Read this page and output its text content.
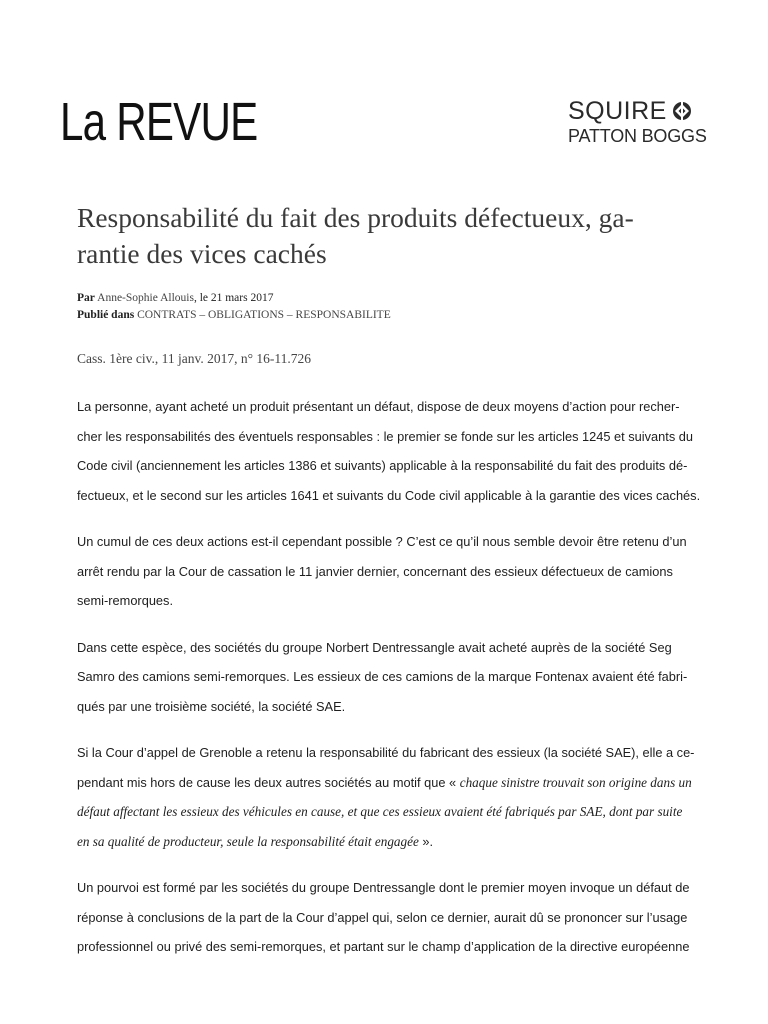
La REVUE	SQUIRE
PATTON BOGGS
Responsabilité du fait des produits défectueux, ga-
rantie des vices cachés
Par Anne-Sophie Allouis, le 21 mars 2017
Publié dans CONTRATS – OBLIGATIONS – RESPONSABILITE
Cass. 1ère civ., 11 janv. 2017, n° 16-11.726

La personne, ayant acheté un produit présentant un défaut, dispose de deux moyens d’action pour recher-
cher les responsabilités des éventuels responsables : le premier se fonde sur les articles 1245 et suivants du
Code civil (anciennement les articles 1386 et suivants) applicable à la responsabilité du fait des produits dé-
fectueux, et le second sur les articles 1641 et suivants du Code civil applicable à la garantie des vices cachés.

Un cumul de ces deux actions est-il cependant possible ? C’est ce qu’il nous semble devoir être retenu d’un
arrêt rendu par la Cour de cassation le 11 janvier dernier, concernant des essieux défectueux de camions
semi-remorques.

Dans cette espèce, des sociétés du groupe Norbert Dentressangle avait acheté auprès de la société Seg
Samro des camions semi-remorques. Les essieux de ces camions de la marque Fontenax avaient été fabri-
qués par une troisième société, la société SAE.

Si la Cour d’appel de Grenoble a retenu la responsabilité du fabricant des essieux (la société SAE), elle a ce-
pendant mis hors de cause les deux autres sociétés au motif que « chaque sinistre trouvait son origine dans un
défaut affectant les essieux des véhicules en cause, et que ces essieux avaient été fabriqués par SAE, dont par suite
en sa qualité de producteur, seule la responsabilité était engagée ».

Un pourvoi est formé par les sociétés du groupe Dentressangle dont le premier moyen invoque un défaut de
réponse à conclusions de la part de la Cour d’appel qui, selon ce dernier, aurait dû se prononcer sur l’usage
professionnel ou privé des semi-remorques, et partant sur le champ d’application de la directive européenne
